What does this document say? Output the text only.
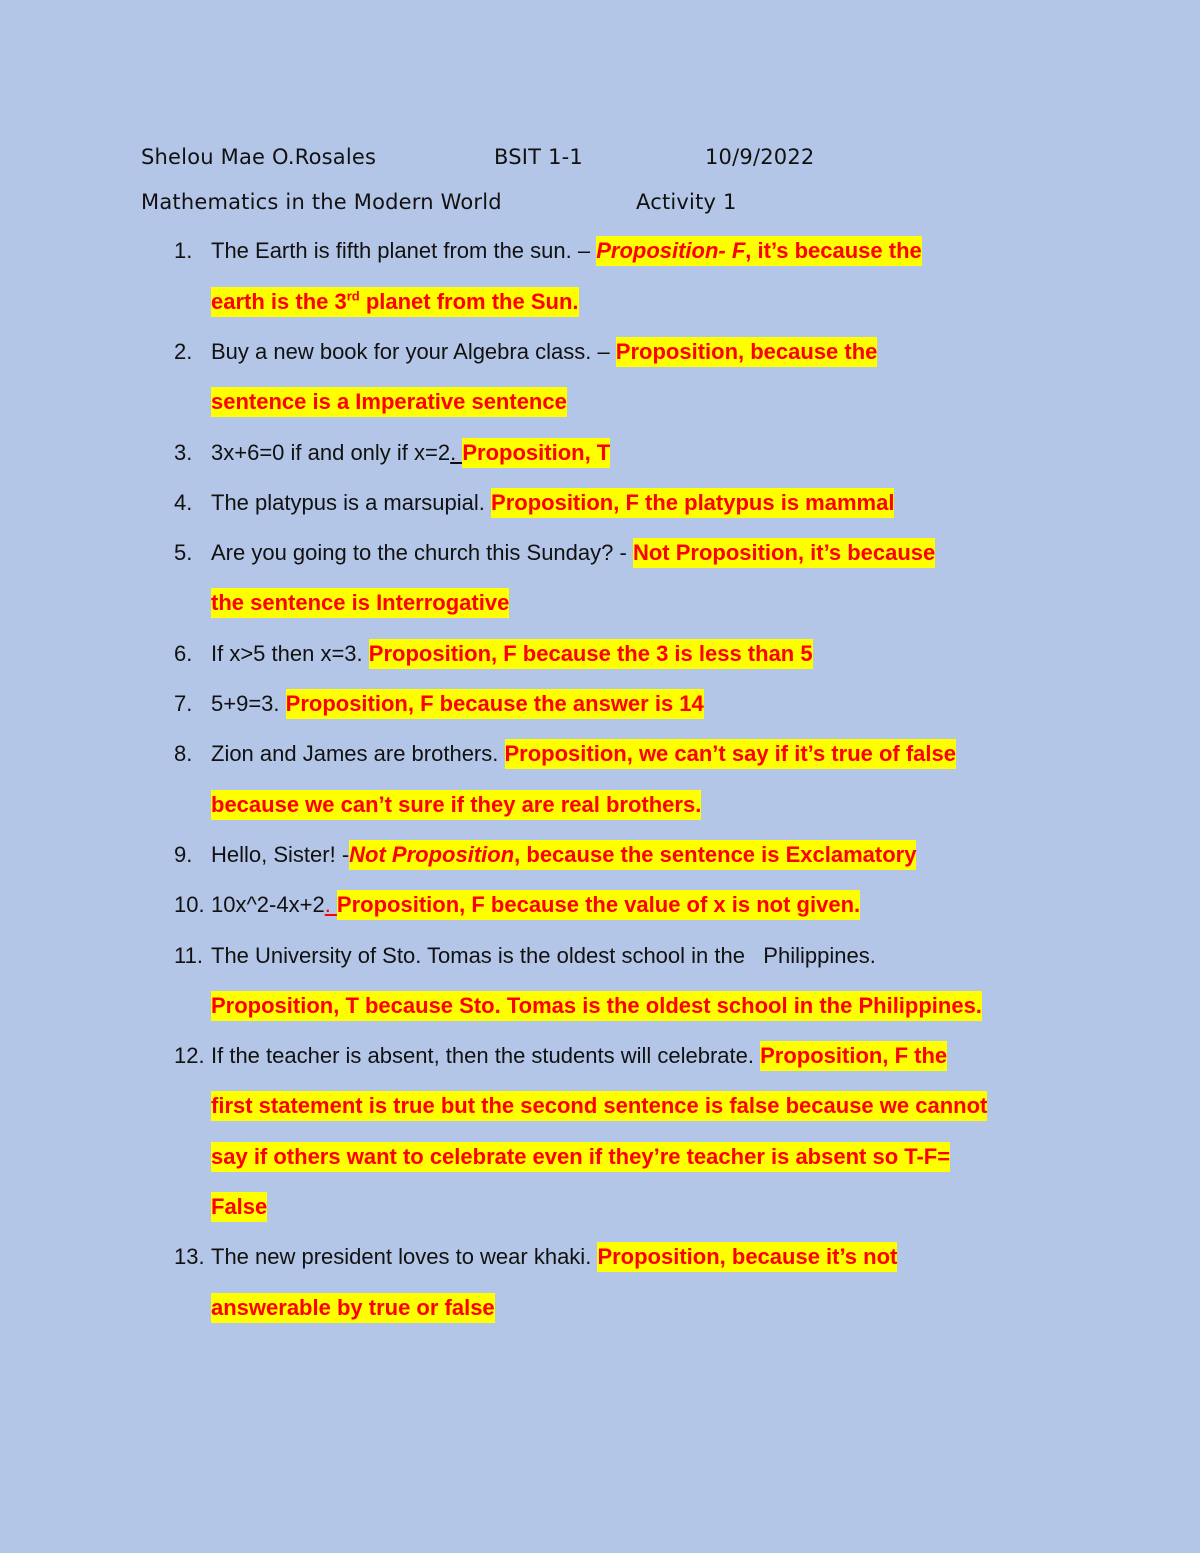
Shelou Mae O.Rosales	BSIT 1-1	10/9/2022
Mathematics in the Modern World	Activity 1
1. The Earth is fifth planet from the sun. – Proposition- F, it’s because the
earth is the 3rd planet from the Sun.
2. Buy a new book for your Algebra class. – Proposition, because the
sentence is a Imperative sentence
3. 3x+6=0 if and only if x=2. Proposition, T
4. The platypus is a marsupial. Proposition, F the platypus is mammal
5. Are you going to the church this Sunday? - Not Proposition, it’s because
the sentence is Interrogative
6. If x>5 then x=3. Proposition, F because the 3 is less than 5
7. 5+9=3. Proposition, F because the answer is 14
8. Zion and James are brothers. Proposition, we can’t say if it’s true of false
because we can’t sure if they are real brothers.
9. Hello, Sister! -Not Proposition, because the sentence is Exclamatory
10. 10x^2-4x+2. Proposition, F because the value of x is not given.
11. The University of Sto. Tomas is the oldest school in the   Philippines.
Proposition, T because Sto. Tomas is the oldest school in the Philippines.
12. If the teacher is absent, then the students will celebrate. Proposition, F the
first statement is true but the second sentence is false because we cannot
say if others want to celebrate even if they’re teacher is absent so T-F=
False
13. The new president loves to wear khaki. Proposition, because it’s not
answerable by true or false
